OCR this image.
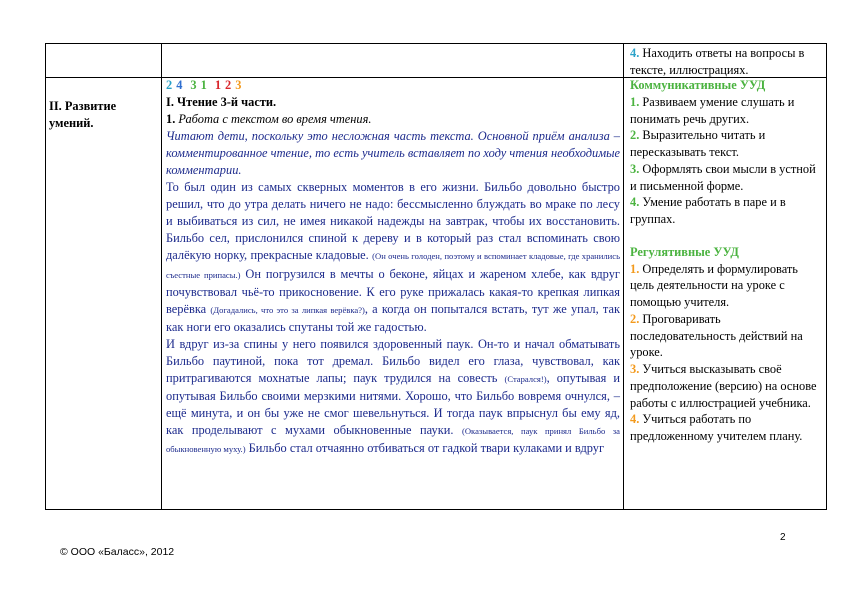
4. Находить ответы на вопросы в тексте, иллюстрациях.
II. Развитие умений.
2 4 3 1 1 2 3

I. Чтение 3-й части.

1. Работа с текстом во время чтения.

Читают дети, поскольку это несложная часть текста. Основной приём анализа – комментированное чтение, то есть учитель вставляет по ходу чтения необходимые комментарии.

То был один из самых скверных моментов в его жизни. Бильбо довольно быстро решил, что до утра делать ничего не надо: бессмысленно блуждать во мраке по лесу и выбиваться из сил, не имея никакой надежды на завтрак, чтобы их восстановить. Бильбо сел, прислонился спиной к дереву и в который раз стал вспоминать свою далёкую норку, прекрасные кладовые. (Он очень голоден, поэтому и вспоминает кладовые, где хранились съестные припасы.) Он погрузился в мечты о беконе, яйцах и жареном хлебе, как вдруг почувствовал чьё-то прикосновение. К его руке прижалась какая-то крепкая липкая верёвка (Догадались, что это за липкая верёвка?), а когда он попытался встать, тут же упал, так как ноги его оказались спутаны той же гадостью.

И вдруг из-за спины у него появился здоровенный паук. Он-то и начал обматывать Бильбо паутиной, пока тот дремал. Бильбо видел его глаза, чувствовал, как притрагиваются мохнатые лапы; паук трудился на совесть (Старался!), опутывая и опутывая Бильбо своими мерзкими нитями. Хорошо, что Бильбо вовремя очнулся, – ещё минута, и он бы уже не смог шевельнуться. И тогда паук впрыснул бы ему яд, как проделывают с мухами обыкновенные пауки. (Оказывается, паук принял Бильбо за обыкновенную муху.) Бильбо стал отчаянно отбиваться от гадкой твари кулаками и вдруг

Коммуникативные УУД

1. Развиваем умение слушать и понимать речь других.

2. Выразительно читать и пересказывать текст.

3. Оформлять свои мысли в устной и письменной форме.

4. Умение работать в паре и в группах.

Регулятивные УУД

1. Определять и формулировать цель деятельности на уроке с помощью учителя.

2. Проговаривать последовательность действий на уроке.

3. Учиться высказывать своё предположение (версию) на основе работы с иллюстрацией учебника.

4. Учиться работать по предложенному учителем плану.

2
© ООО «Баласс», 2012
